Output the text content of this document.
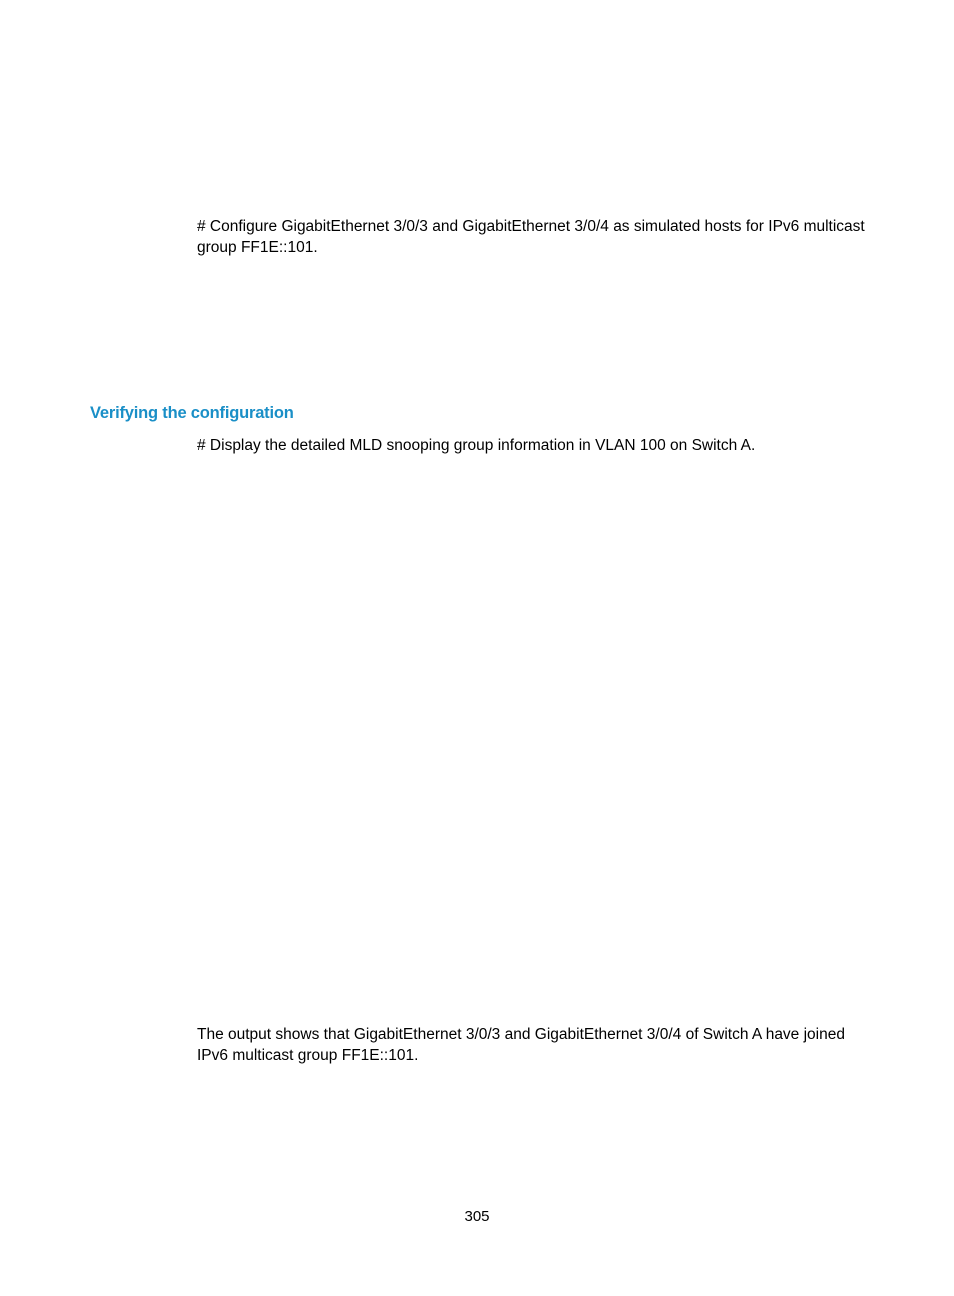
# Configure GigabitEthernet 3/0/3 and GigabitEthernet 3/0/4 as simulated hosts for IPv6 multicast group FF1E::101.

Verifying the configuration

# Display the detailed MLD snooping group information in VLAN 100 on Switch A.

The output shows that GigabitEthernet 3/0/3 and GigabitEthernet 3/0/4 of Switch A have joined IPv6 multicast group FF1E::101.

305
